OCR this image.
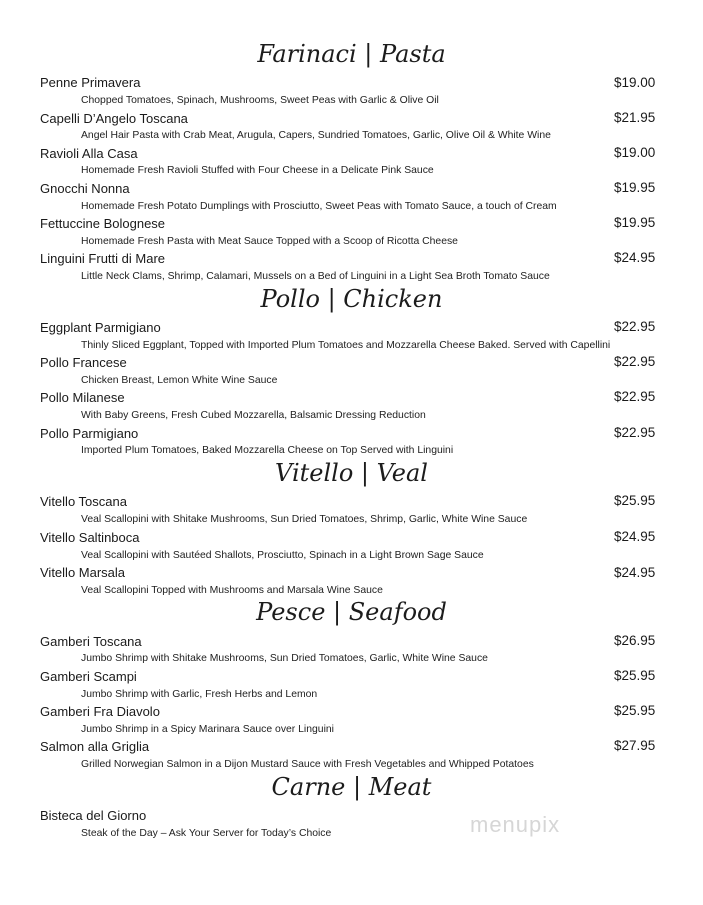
Farinaci | Pasta
Penne Primavera	$19.00
Chopped Tomatoes, Spinach, Mushrooms, Sweet Peas with Garlic & Olive Oil
Capelli D’Angelo Toscana	$21.95
Angel Hair Pasta with Crab Meat, Arugula, Capers, Sundried Tomatoes, Garlic, Olive Oil & White Wine
Ravioli Alla Casa	$19.00
Homemade Fresh Ravioli Stuffed with Four Cheese in a Delicate Pink Sauce
Gnocchi Nonna	$19.95
Homemade Fresh Potato Dumplings with Prosciutto, Sweet Peas with Tomato Sauce, a touch of Cream
Fettuccine Bolognese	$19.95
Homemade Fresh Pasta with Meat Sauce Topped with a Scoop of Ricotta Cheese
Linguini Frutti di Mare	$24.95
Little Neck Clams, Shrimp, Calamari, Mussels on a Bed of Linguini in a Light Sea Broth Tomato Sauce
Pollo | Chicken
Eggplant Parmigiano	$22.95
Thinly Sliced Eggplant, Topped with Imported Plum Tomatoes and Mozzarella Cheese Baked. Served with Capellini
Pollo Francese	$22.95
Chicken Breast, Lemon White Wine Sauce
Pollo Milanese	$22.95
With Baby Greens, Fresh Cubed Mozzarella, Balsamic Dressing Reduction
Pollo Parmigiano	$22.95
Imported Plum Tomatoes, Baked Mozzarella Cheese on Top Served with Linguini
Vitello | Veal
Vitello Toscana	$25.95
Veal Scallopini with Shitake Mushrooms, Sun Dried Tomatoes, Shrimp, Garlic, White Wine Sauce
Vitello Saltinboca	$24.95
Veal Scallopini with Sautéed Shallots, Prosciutto, Spinach in a Light Brown Sage Sauce
Vitello Marsala	$24.95
Veal Scallopini Topped with Mushrooms and Marsala Wine Sauce
Pesce | Seafood
Gamberi Toscana	$26.95
Jumbo Shrimp with Shitake Mushrooms, Sun Dried Tomatoes, Garlic, White Wine Sauce
Gamberi Scampi	$25.95
Jumbo Shrimp with Garlic, Fresh Herbs and Lemon
Gamberi Fra Diavolo	$25.95
Jumbo Shrimp in a Spicy Marinara Sauce over Linguini
Salmon alla Griglia	$27.95
Grilled Norwegian Salmon in a Dijon Mustard Sauce with Fresh Vegetables and Whipped Potatoes
Carne | Meat
Bisteca del Giorno
Steak of the Day – Ask Your Server for Today’s Choice	menupix
